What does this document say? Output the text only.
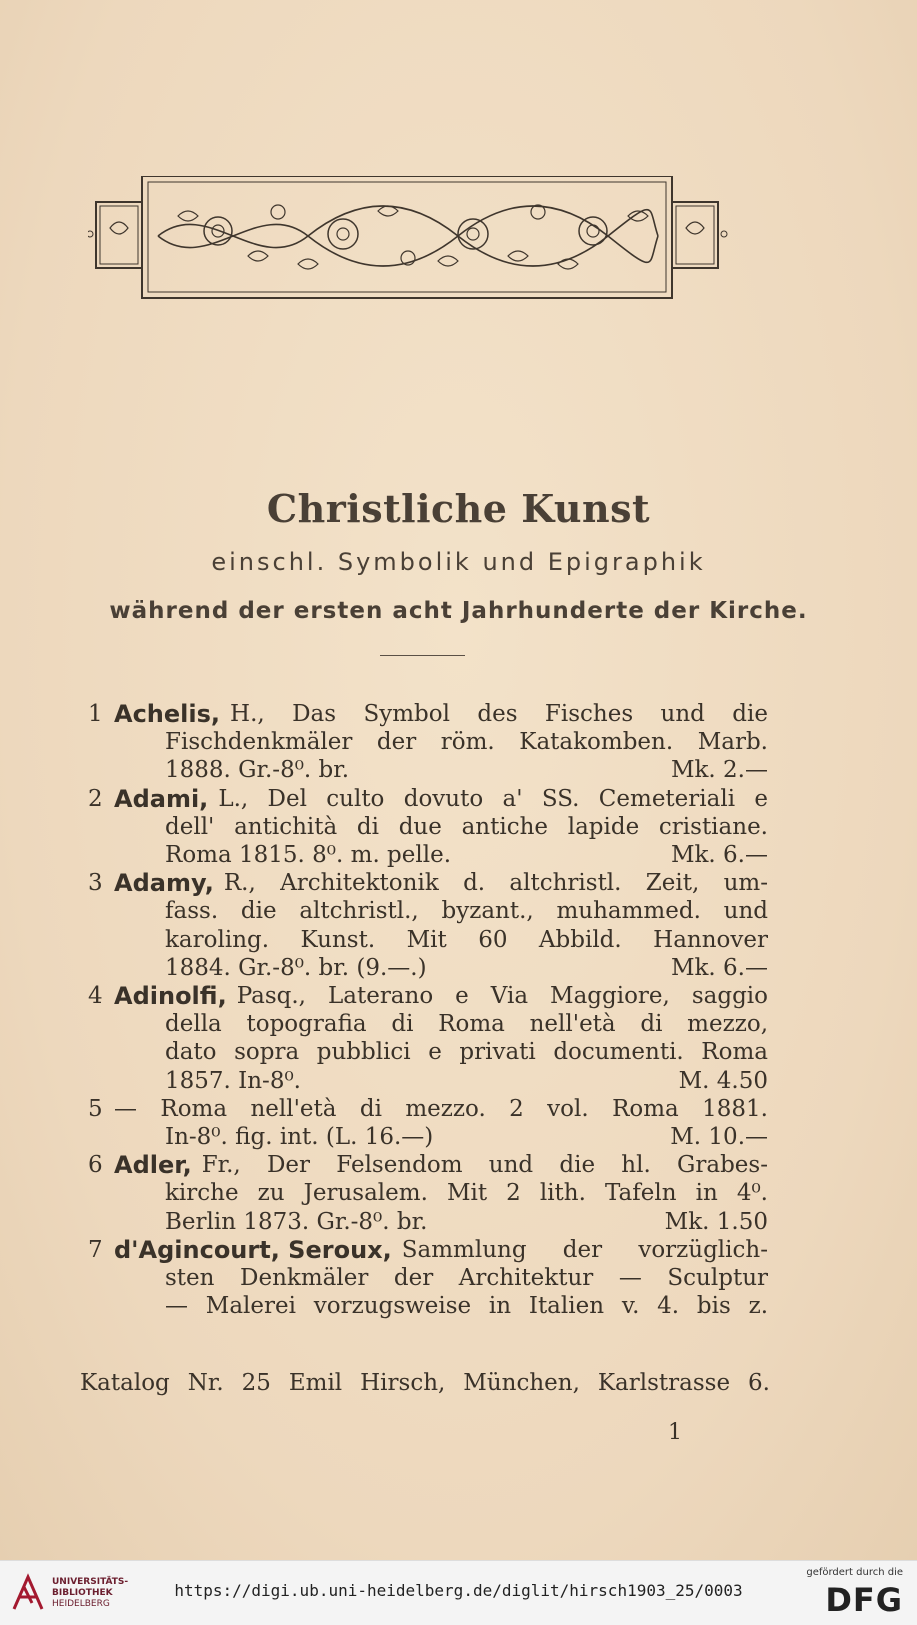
Christliche Kunst
einschl. Symbolik und Epigraphik
während der ersten acht Jahrhunderte der Kirche.
1 Achelis, H., Das Symbol des Fisches und die
Fischdenkmäler der röm. Katakomben. Marb.
1888. Gr.-8⁰. br.	Mk. 2.—
2 Adami, L., Del culto dovuto a' SS. Cemeteriali e
dell' antichità di due antiche lapide cristiane.
Roma 1815. 8⁰. m. pelle.	Mk. 6.—
3 Adamy, R., Architektonik d. altchristl. Zeit, um-
fass. die altchristl., byzant., muhammed. und
karoling. Kunst. Mit 60 Abbild. Hannover
1884. Gr.-8⁰. br. (9.—.)	Mk. 6.—
4 Adinolfi, Pasq., Laterano e Via Maggiore, saggio
della topografia di Roma nell'età di mezzo,
dato sopra pubblici e privati documenti. Roma
1857. In-8⁰.	M. 4.50
5 — Roma nell'età di mezzo. 2 vol. Roma 1881.
In-8⁰. fig. int. (L. 16.—)	M. 10.—
6 Adler, Fr., Der Felsendom und die hl. Grabes-
kirche zu Jerusalem. Mit 2 lith. Tafeln in 4⁰.
Berlin 1873. Gr.-8⁰. br.	Mk. 1.50
7 d'Agincourt, Seroux, Sammlung der vorzüglich-
sten Denkmäler der Architektur — Sculptur
— Malerei vorzugsweise in Italien v. 4. bis z.
Katalog Nr. 25 Emil Hirsch, München, Karlstrasse 6.
1
UNIVERSITÄTS-
BIBLIOTHEK
HEIDELBERG
https://digi.ub.uni-heidelberg.de/diglit/hirsch1903_25/0003
gefördert durch die
DFG
